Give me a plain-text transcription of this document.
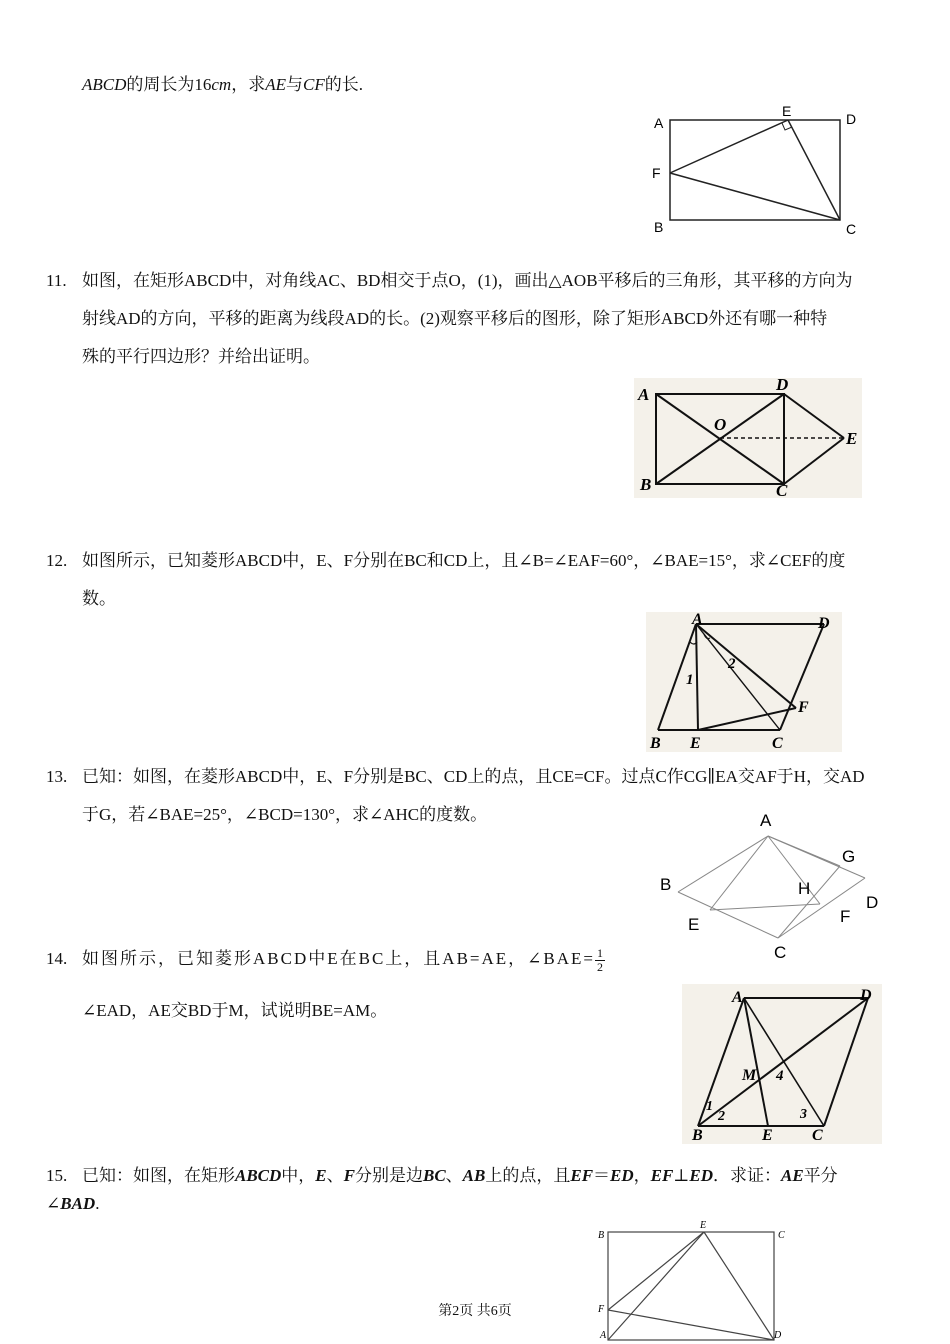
ABCD的周长为16cm，求AE与CF的长.
A
E	D
F
B	C
11. 如图，在矩形ABCD中，对角线AC、BD相交于点O，(1)，画出△AOB平移后的三角形，其平移的方向为
射线AD的方向，平移的距离为线段AD的长。(2)观察平移后的图形，除了矩形ABCD外还有哪一种特
殊的平行四边形？并给出证明。
A
D
O
E
B	C
12. 如图所示，已知菱形ABCD中，E、F分别在BC和CD上，且∠B=∠EAF=60°，∠BAE=15°，求∠CEF的度
数。
A	D
1
2
F
B E	C
13. 已知：如图，在菱形ABCD中，E、F分别是BC、CD上的点，且CE=CF。过点C作CG∥EA交AF于H，交AD
于G，若∠BAE=25°，∠BCD=130°，求∠AHC的度数。	A
G
B	H
D
F
E
C
14. 如图所示，已知菱形ABCD中E在BC上，且AB=AE，∠BAE= $\frac{1}{2}$
∠EAD，AE交BD于M，试说明BE=AM。
A	D
M 4
1
2	3
B	E C
15. 已知：如图，在矩形ABCD中，E、F分别是边BC、AB上的点，且EF＝ED，EF⊥ED．求证：AE平分
∠BAD.
B
E
C
F
A	D
第2页 共6页
